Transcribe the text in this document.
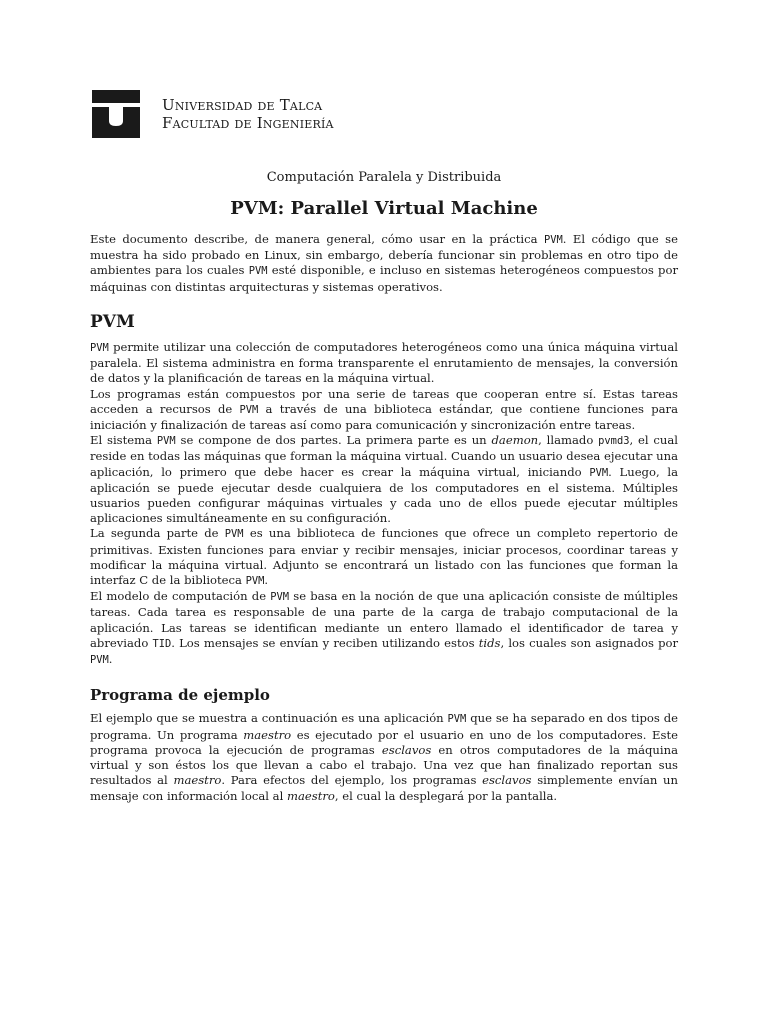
Universidad de Talca
Facultad de Ingeniería
Computación Paralela y Distribuida
PVM: Parallel Virtual Machine

Este documento describe, de manera general, cómo usar en la práctica PVM. El código que se muestra ha sido probado en Linux, sin embargo, debería funcionar sin problemas en otro tipo de ambientes para los cuales PVM esté disponible, e incluso en sistemas heterogéneos compuestos por máquinas con distintas arquitecturas y sistemas operativos.

PVM

PVM permite utilizar una colección de computadores heterogéneos como una única máquina virtual paralela. El sistema administra en forma transparente el enrutamiento de mensajes, la conversión de datos y la planificación de tareas en la máquina virtual.

Los programas están compuestos por una serie de tareas que cooperan entre sí. Estas tareas acceden a recursos de PVM a través de una biblioteca estándar, que contiene funciones para iniciación y finalización de tareas así como para comunicación y sincronización entre tareas.

El sistema PVM se compone de dos partes. La primera parte es un daemon, llamado pvmd3, el cual reside en todas las máquinas que forman la máquina virtual. Cuando un usuario desea ejecutar una aplicación, lo primero que debe hacer es crear la máquina virtual, iniciando PVM. Luego, la aplicación se puede ejecutar desde cualquiera de los computadores en el sistema. Múltiples usuarios pueden configurar máquinas virtuales y cada uno de ellos puede ejecutar múltiples aplicaciones simultáneamente en su configuración.

La segunda parte de PVM es una biblioteca de funciones que ofrece un completo repertorio de primitivas. Existen funciones para enviar y recibir mensajes, iniciar procesos, coordinar tareas y modificar la máquina virtual. Adjunto se encontrará un listado con las funciones que forman la interfaz C de la biblioteca PVM.

El modelo de computación de PVM se basa en la noción de que una aplicación consiste de múltiples tareas. Cada tarea es responsable de una parte de la carga de trabajo computacional de la aplicación. Las tareas se identifican mediante un entero llamado el identificador de tarea y abreviado TID. Los mensajes se envían y reciben utilizando estos tids, los cuales son asignados por PVM.

Programa de ejemplo

El ejemplo que se muestra a continuación es una aplicación PVM que se ha separado en dos tipos de programa. Un programa maestro es ejecutado por el usuario en uno de los computadores. Este programa provoca la ejecución de programas esclavos en otros computadores de la máquina virtual y son éstos los que llevan a cabo el trabajo. Una vez que han finalizado reportan sus resultados al maestro. Para efectos del ejemplo, los programas esclavos simplemente envían un mensaje con información local al maestro, el cual la desplegará por la pantalla.
